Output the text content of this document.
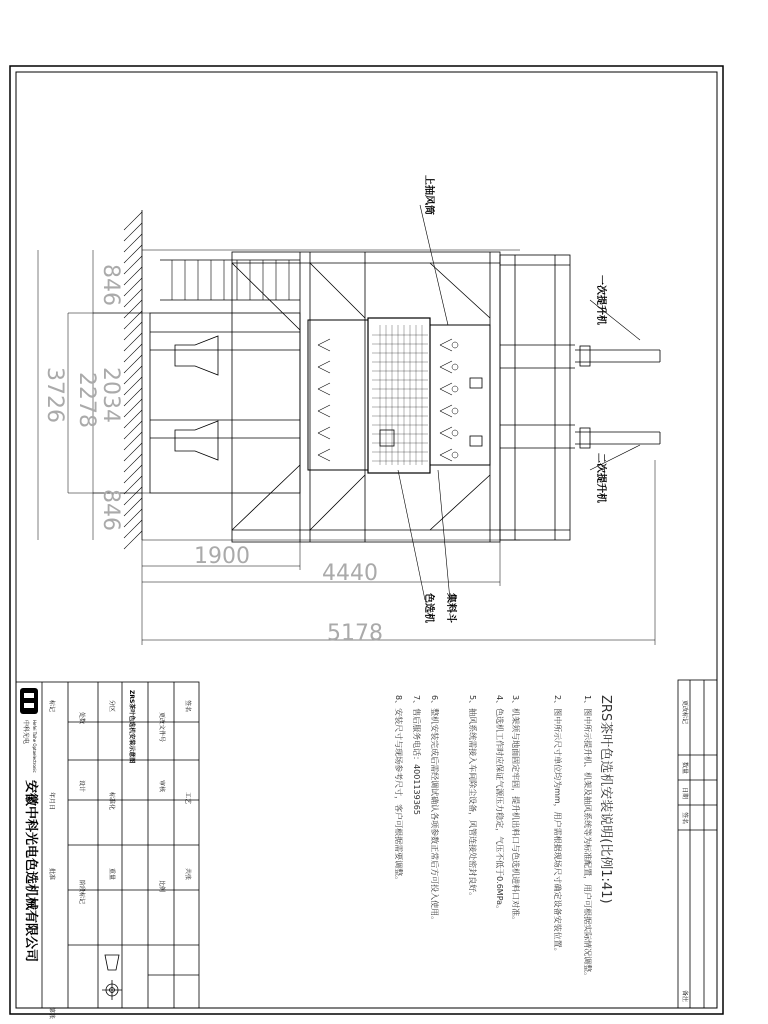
846
2034
2278
3726
846
1900
4440
5178
上抽风筒
一次提升机
二次提升机
集料斗
色选机
ZRS茶叶色选机安装说明(比例1:41)
1、图中所示提升机、机架及抽风系统等为标准配置，用户可根据实际情况调整。
2、图中所示尺寸单位均为mm，用户需根据现场尺寸确定设备安装位置。
3、机架须与地面固定牢固，提升机出料口与色选机进料口对准。
4、色选机工作时应保证气源压力稳定，气压不低于0.6MPa。
5、抽风系统需接入车间除尘设备，风管连接处密封良好。
6、整机安装完成后需经调试确认各项参数正常后方可投入使用。
7、售后服务电话：4001139365
8、安装尺寸与现场参考尺寸，客户可根据需要调整。	更改标记
数量
日期
签名
备注
中科光电 Hefei Taihe Optoelectronic
安徽中科光电色选机械有限公司
ZRS茶叶色选机安装示意图
标记
处数
分区
更改文件号
签名
年月日
设计
标准化
审核
工艺
批准
阶段标记
重量
比例
共张
第张
